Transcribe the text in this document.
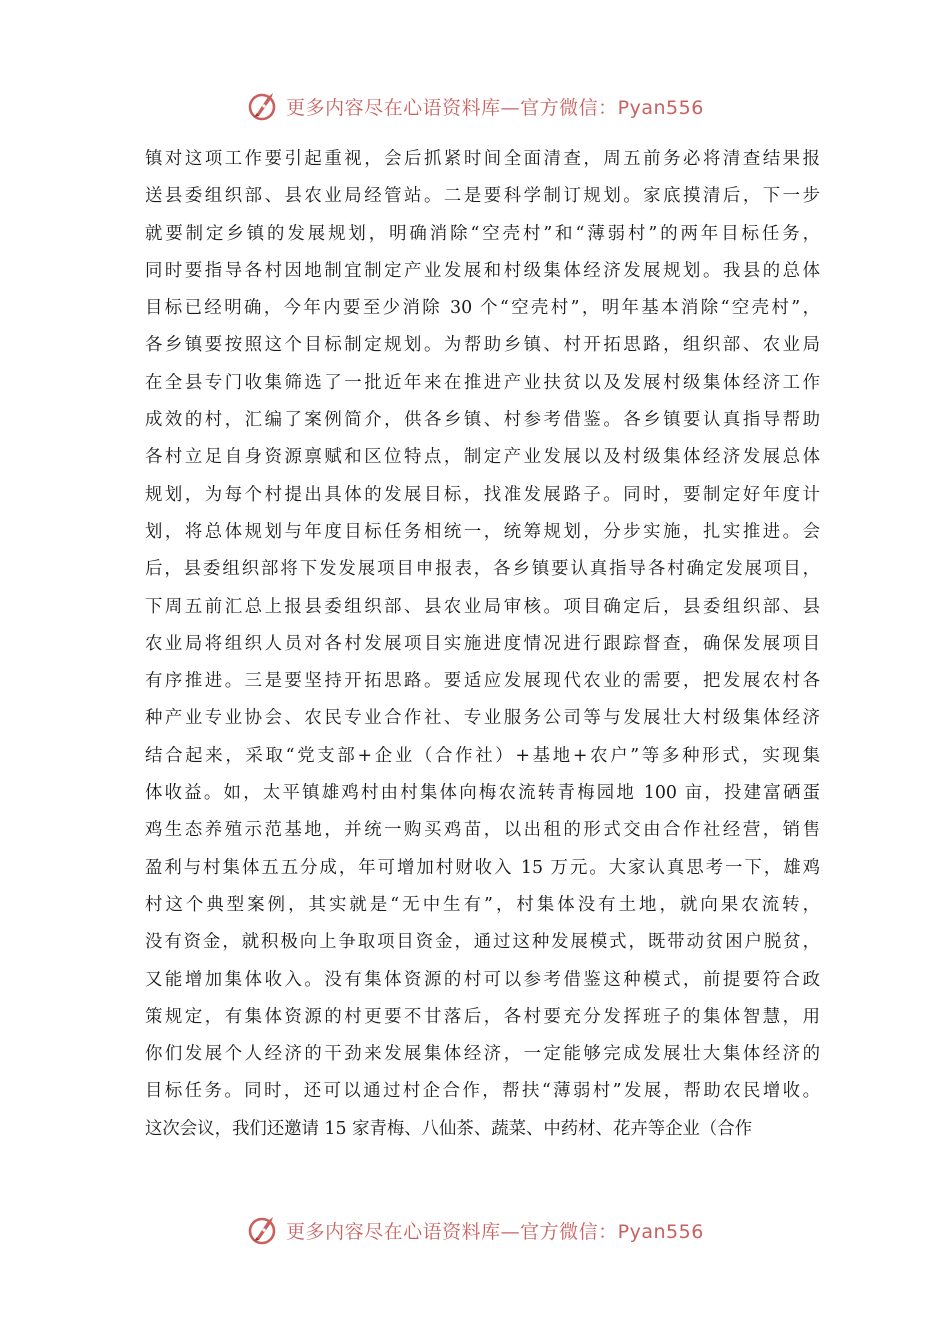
更多内容尽在心语资料库—官方微信：Pyan556
镇对这项工作要引起重视，会后抓紧时间全面清查，周五前务必将清查结果报
送县委组织部、县农业局经管站。二是要科学制订规划。家底摸清后，下一步
就要制定乡镇的发展规划，明确消除“空壳村”和“薄弱村”的两年目标任务，
同时要指导各村因地制宜制定产业发展和村级集体经济发展规划。我县的总体
目标已经明确，今年内要至少消除 30 个“空壳村”，明年基本消除“空壳村”，
各乡镇要按照这个目标制定规划。为帮助乡镇、村开拓思路，组织部、农业局
在全县专门收集筛选了一批近年来在推进产业扶贫以及发展村级集体经济工作
成效的村，汇编了案例简介，供各乡镇、村参考借鉴。各乡镇要认真指导帮助
各村立足自身资源禀赋和区位特点，制定产业发展以及村级集体经济发展总体
规划，为每个村提出具体的发展目标，找准发展路子。同时，要制定好年度计
划，将总体规划与年度目标任务相统一，统筹规划，分步实施，扎实推进。会
后，县委组织部将下发发展项目申报表，各乡镇要认真指导各村确定发展项目，
下周五前汇总上报县委组织部、县农业局审核。项目确定后，县委组织部、县
农业局将组织人员对各村发展项目实施进度情况进行跟踪督查，确保发展项目
有序推进。三是要坚持开拓思路。要适应发展现代农业的需要，把发展农村各
种产业专业协会、农民专业合作社、专业服务公司等与发展壮大村级集体经济
结合起来，采取“党支部+企业（合作社）+基地+农户”等多种形式，实现集
体收益。如，太平镇雄鸡村由村集体向梅农流转青梅园地 100 亩，投建富硒蛋
鸡生态养殖示范基地，并统一购买鸡苗，以出租的形式交由合作社经营，销售
盈利与村集体五五分成，年可增加村财收入 15 万元。大家认真思考一下，雄鸡
村这个典型案例，其实就是“无中生有”，村集体没有土地，就向果农流转，
没有资金，就积极向上争取项目资金，通过这种发展模式，既带动贫困户脱贫，
又能增加集体收入。没有集体资源的村可以参考借鉴这种模式，前提要符合政
策规定，有集体资源的村更要不甘落后，各村要充分发挥班子的集体智慧，用
你们发展个人经济的干劲来发展集体经济，一定能够完成发展壮大集体经济的
目标任务。同时，还可以通过村企合作，帮扶“薄弱村”发展，帮助农民增收。
这次会议，我们还邀请 15 家青梅、八仙茶、蔬菜、中药材、花卉等企业（合作
更多内容尽在心语资料库—官方微信：Pyan556
